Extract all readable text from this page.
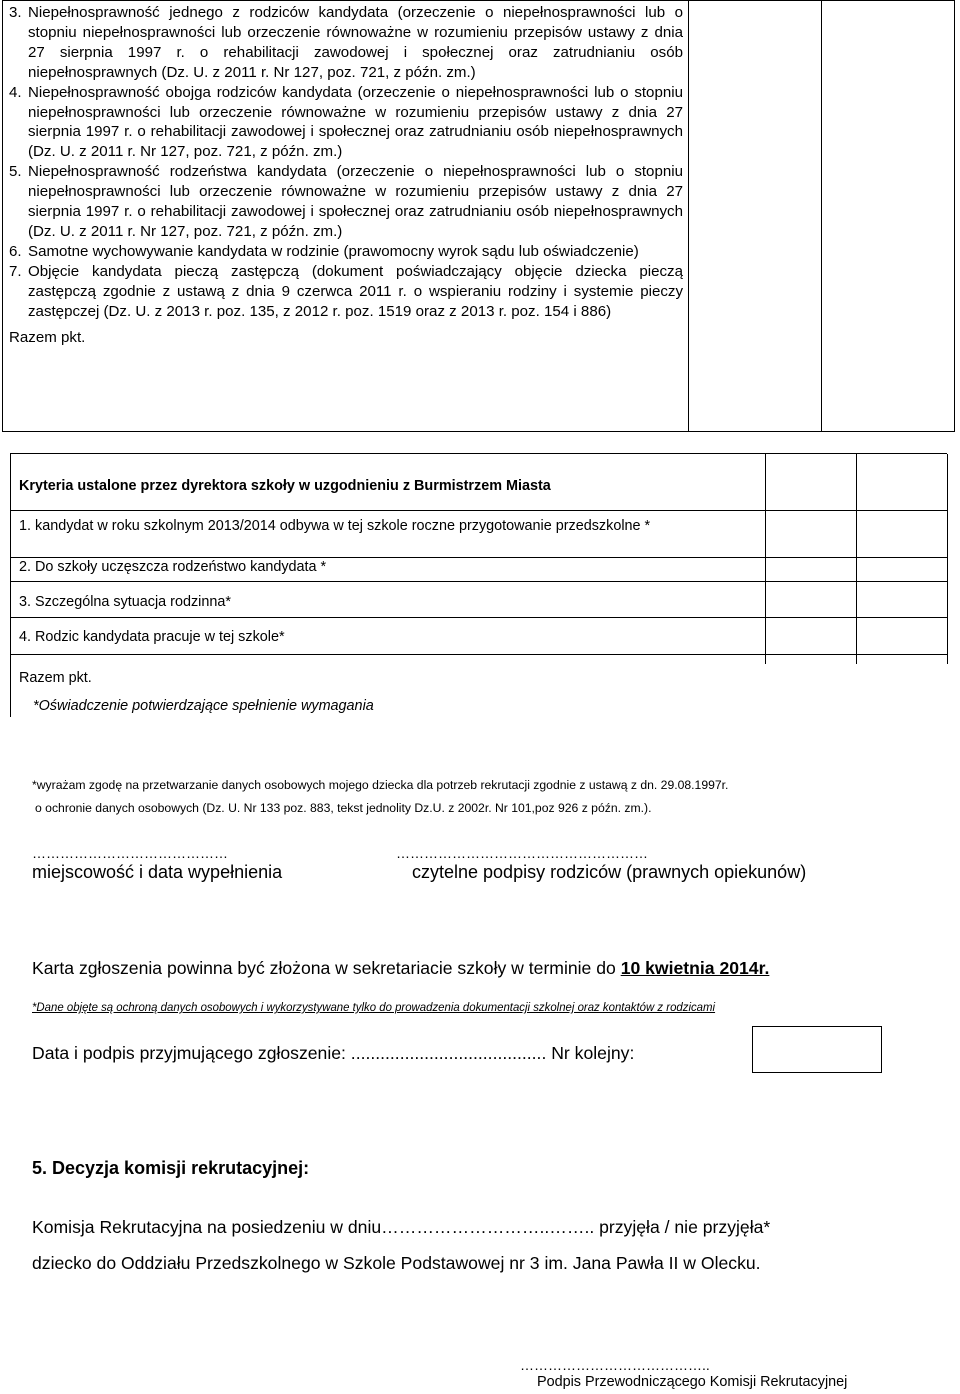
3. Niepełnosprawność jednego z rodziców kandydata (orzeczenie o niepełnosprawności lub o stopniu niepełnosprawności lub orzeczenie równoważne w rozumieniu przepisów ustawy z dnia 27 sierpnia 1997 r. o rehabilitacji zawodowej i społecznej oraz zatrudnianiu osób niepełnosprawnych (Dz. U. z 2011 r. Nr 127, poz. 721, z późn. zm.)
4. Niepełnosprawność obojga rodziców kandydata (orzeczenie o niepełnosprawności lub o stopniu niepełnosprawności lub orzeczenie równoważne w rozumieniu przepisów ustawy z dnia 27 sierpnia 1997 r. o rehabilitacji zawodowej i społecznej oraz zatrudnianiu osób niepełnosprawnych (Dz. U. z 2011 r. Nr 127, poz. 721, z późn. zm.)
5. Niepełnosprawność rodzeństwa kandydata (orzeczenie o niepełnosprawności lub o stopniu niepełnosprawności lub orzeczenie równoważne w rozumieniu przepisów ustawy z dnia 27 sierpnia 1997 r. o rehabilitacji zawodowej i społecznej oraz zatrudnianiu osób niepełnosprawnych (Dz. U. z 2011 r. Nr 127, poz. 721, z późn. zm.)
6. Samotne wychowywanie kandydata w rodzinie (prawomocny wyrok sądu lub oświadczenie)
7. Objęcie kandydata pieczą zastępczą (dokument poświadczający objęcie dziecka pieczą zastępczą zgodnie z ustawą z dnia 9 czerwca 2011 r. o wspieraniu rodziny i systemie pieczy zastępczej (Dz. U. z 2013 r. poz. 135, z 2012 r. poz. 1519 oraz z 2013 r. poz. 154 i 886)
Razem pkt.
Kryteria ustalone przez dyrektora szkoły w uzgodnieniu z Burmistrzem Miasta
1. kandydat w roku szkolnym 2013/2014 odbywa w tej szkole roczne przygotowanie przedszkolne *
2. Do szkoły uczęszcza rodzeństwo kandydata *
3. Szczególna sytuacja rodzinna*
4. Rodzic kandydata pracuje w tej szkole*
Razem pkt.
*Oświadczenie potwierdzające spełnienie wymagania
*wyrażam zgodę na przetwarzanie danych osobowych mojego dziecka dla potrzeb rekrutacji zgodnie z ustawą z dn. 29.08.1997r.
o ochronie danych osobowych (Dz. U. Nr 133 poz. 883, tekst jednolity Dz.U. z 2002r. Nr 101,poz 926 z późn. zm.).
……………………………………
miejscowość i data wypełnienia
………………………………………………
czytelne podpisy rodziców (prawnych opiekunów)
Karta zgłoszenia powinna być złożona w sekretariacie szkoły w terminie do 10 kwietnia 2014r.
*Dane objęte są ochroną danych osobowych i wykorzystywane tylko do prowadzenia dokumentacji szkolnej oraz kontaktów z rodzicami
Data i podpis przyjmującego zgłoszenie: ........................................ Nr kolejny:
5. Decyzja komisji rekrutacyjnej:
Komisja Rekrutacyjna na posiedzeniu w dniu………………………..…….. przyjęła / nie przyjęła*
dziecko do Oddziału Przedszkolnego w Szkole Podstawowej nr 3 im. Jana Pawła II w Olecku.
…………………………………..
Podpis Przewodniczącego Komisji Rekrutacyjnej
